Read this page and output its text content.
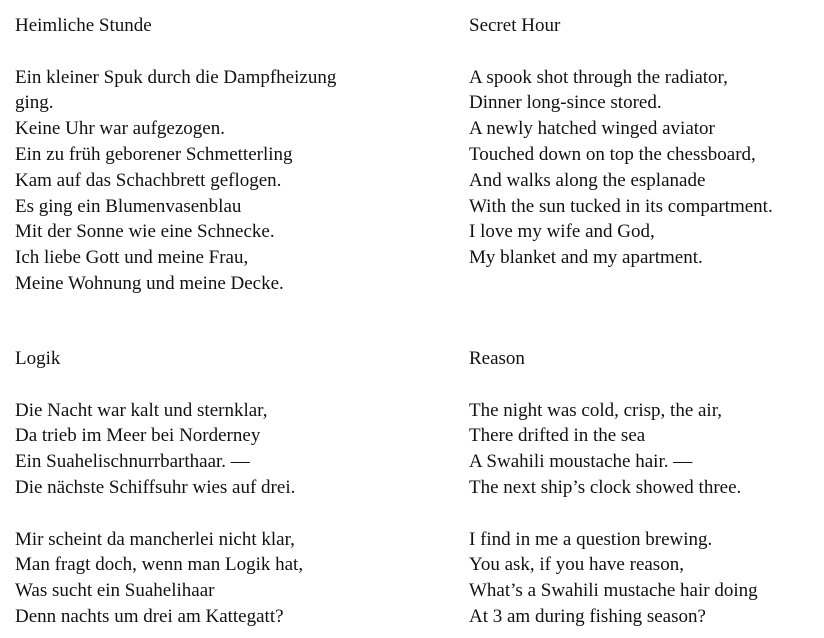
Heimliche Stunde
Ein kleiner Spuk durch die Dampfheizung
ging.
Keine Uhr war aufgezogen.
Ein zu früh geborener Schmetterling
Kam auf das Schachbrett geflogen.
Es ging ein Blumenvasenblau
Mit der Sonne wie eine Schnecke.
Ich liebe Gott und meine Frau,
Meine Wohnung und meine Decke.
Secret Hour
A spook shot through the radiator,
Dinner long-since stored.
A newly hatched winged aviator
Touched down on top the chessboard,
And walks along the esplanade
With the sun tucked in its compartment.
I love my wife and God,
My blanket and my apartment.
Logik
Die Nacht war kalt und sternklar,
Da trieb im Meer bei Norderney
Ein Suahelischnurrbarthaar. —
Die nächste Schiffsuhr wies auf drei.
Mir scheint da mancherlei nicht klar,
Man fragt doch, wenn man Logik hat,
Was sucht ein Suahelihaar
Denn nachts um drei am Kattegatt?
Reason
The night was cold, crisp, the air,
There drifted in the sea
A Swahili moustache hair. —
The next ship’s clock showed three.
I find in me a question brewing.
You ask, if you have reason,
What’s a Swahili mustache hair doing
At 3 am during fishing season?
